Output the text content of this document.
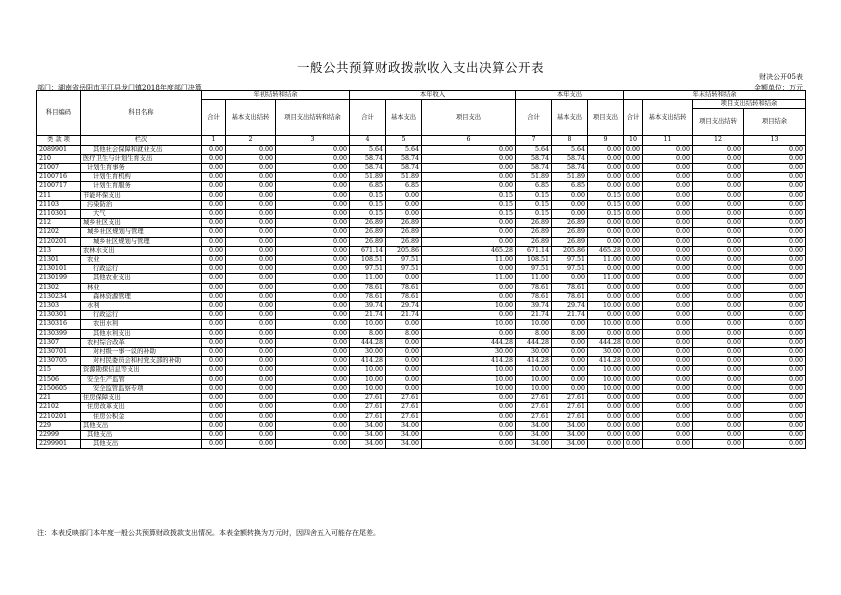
一般公共预算财政拨款收入支出决算公开表
财决公开05表
部门：湖南省岳阳市平江县龙门镇2018年度部门决算	金额单位：万元
科目编码	科目名称	年初结转和结余			本年收入			本年支出			年末结转和结余			
		合计	基本支出结转	项目支出结转和结余	合计	基本支出	项目支出	合计	基本支出	项目支出	合计	基本支出结转	项目支出结转和结余	
													项目支出结转	项目结余
类 款 项	栏次	1	2	3	4	5	6	7	8	9	10	11	12	13
2089901	其他社会保障和就业支出	0.00	0.00	0.00	5.64	5.64	0.00	5.64	5.64	0.00	0.00	0.00	0.00	0.00
210	医疗卫生与计划生育支出	0.00	0.00	0.00	58.74	58.74	0.00	58.74	58.74	0.00	0.00	0.00	0.00	0.00
21007	计划生育事务	0.00	0.00	0.00	58.74	58.74	0.00	58.74	58.74	0.00	0.00	0.00	0.00	0.00
2100716	计划生育机构	0.00	0.00	0.00	51.89	51.89	0.00	51.89	51.89	0.00	0.00	0.00	0.00	0.00
2100717	计划生育服务	0.00	0.00	0.00	6.85	6.85	0.00	6.85	6.85	0.00	0.00	0.00	0.00	0.00
211	节能环保支出	0.00	0.00	0.00	0.15	0.00	0.15	0.15	0.00	0.15	0.00	0.00	0.00	0.00
21103	污染防治	0.00	0.00	0.00	0.15	0.00	0.15	0.15	0.00	0.15	0.00	0.00	0.00	0.00
2110301	大气	0.00	0.00	0.00	0.15	0.00	0.15	0.15	0.00	0.15	0.00	0.00	0.00	0.00
212	城乡社区支出	0.00	0.00	0.00	26.89	26.89	0.00	26.89	26.89	0.00	0.00	0.00	0.00	0.00
21202	城乡社区规划与管理	0.00	0.00	0.00	26.89	26.89	0.00	26.89	26.89	0.00	0.00	0.00	0.00	0.00
2120201	城乡社区规划与管理	0.00	0.00	0.00	26.89	26.89	0.00	26.89	26.89	0.00	0.00	0.00	0.00	0.00
213	农林水支出	0.00	0.00	0.00	671.14	205.86	465.28	671.14	205.86	465.28	0.00	0.00	0.00	0.00
21301	农业	0.00	0.00	0.00	108.51	97.51	11.00	108.51	97.51	11.00	0.00	0.00	0.00	0.00
2130101	行政运行	0.00	0.00	0.00	97.51	97.51	0.00	97.51	97.51	0.00	0.00	0.00	0.00	0.00
2130199	其他农业支出	0.00	0.00	0.00	11.00	0.00	11.00	11.00	0.00	11.00	0.00	0.00	0.00	0.00
21302	林业	0.00	0.00	0.00	78.61	78.61	0.00	78.61	78.61	0.00	0.00	0.00	0.00	0.00
2130234	森林资源管理	0.00	0.00	0.00	78.61	78.61	0.00	78.61	78.61	0.00	0.00	0.00	0.00	0.00
21303	水利	0.00	0.00	0.00	39.74	29.74	10.00	39.74	29.74	10.00	0.00	0.00	0.00	0.00
2130301	行政运行	0.00	0.00	0.00	21.74	21.74	0.00	21.74	21.74	0.00	0.00	0.00	0.00	0.00
2130316	农田水利	0.00	0.00	0.00	10.00	0.00	10.00	10.00	0.00	10.00	0.00	0.00	0.00	0.00
2130399	其他水利支出	0.00	0.00	0.00	8.00	8.00	0.00	8.00	8.00	0.00	0.00	0.00	0.00	0.00
21307	农村综合改革	0.00	0.00	0.00	444.28	0.00	444.28	444.28	0.00	444.28	0.00	0.00	0.00	0.00
2130701	对村级一事一议的补助	0.00	0.00	0.00	30.00	0.00	30.00	30.00	0.00	30.00	0.00	0.00	0.00	0.00
2130705	对村民委员会和村党支部的补助	0.00	0.00	0.00	414.28	0.00	414.28	414.28	0.00	414.28	0.00	0.00	0.00	0.00
215	资源勘探信息等支出	0.00	0.00	0.00	10.00	0.00	10.00	10.00	0.00	10.00	0.00	0.00	0.00	0.00
21506	安全生产监管	0.00	0.00	0.00	10.00	0.00	10.00	10.00	0.00	10.00	0.00	0.00	0.00	0.00
2150605	安全监管监察专项	0.00	0.00	0.00	10.00	0.00	10.00	10.00	0.00	10.00	0.00	0.00	0.00	0.00
221	住房保障支出	0.00	0.00	0.00	27.61	27.61	0.00	27.61	27.61	0.00	0.00	0.00	0.00	0.00
22102	住房改革支出	0.00	0.00	0.00	27.61	27.61	0.00	27.61	27.61	0.00	0.00	0.00	0.00	0.00
2210201	住房公积金	0.00	0.00	0.00	27.61	27.61	0.00	27.61	27.61	0.00	0.00	0.00	0.00	0.00
229	其他支出	0.00	0.00	0.00	34.00	34.00	0.00	34.00	34.00	0.00	0.00	0.00	0.00	0.00
22999	其他支出	0.00	0.00	0.00	34.00	34.00	0.00	34.00	34.00	0.00	0.00	0.00	0.00	0.00
2299901	其他支出	0.00	0.00	0.00	34.00	34.00	0.00	34.00	34.00	0.00	0.00	0.00	0.00	0.00
注：本表反映部门本年度一般公共预算财政拨款支出情况。本表金额转换为万元时，因四舍五入可能存在尾差。
